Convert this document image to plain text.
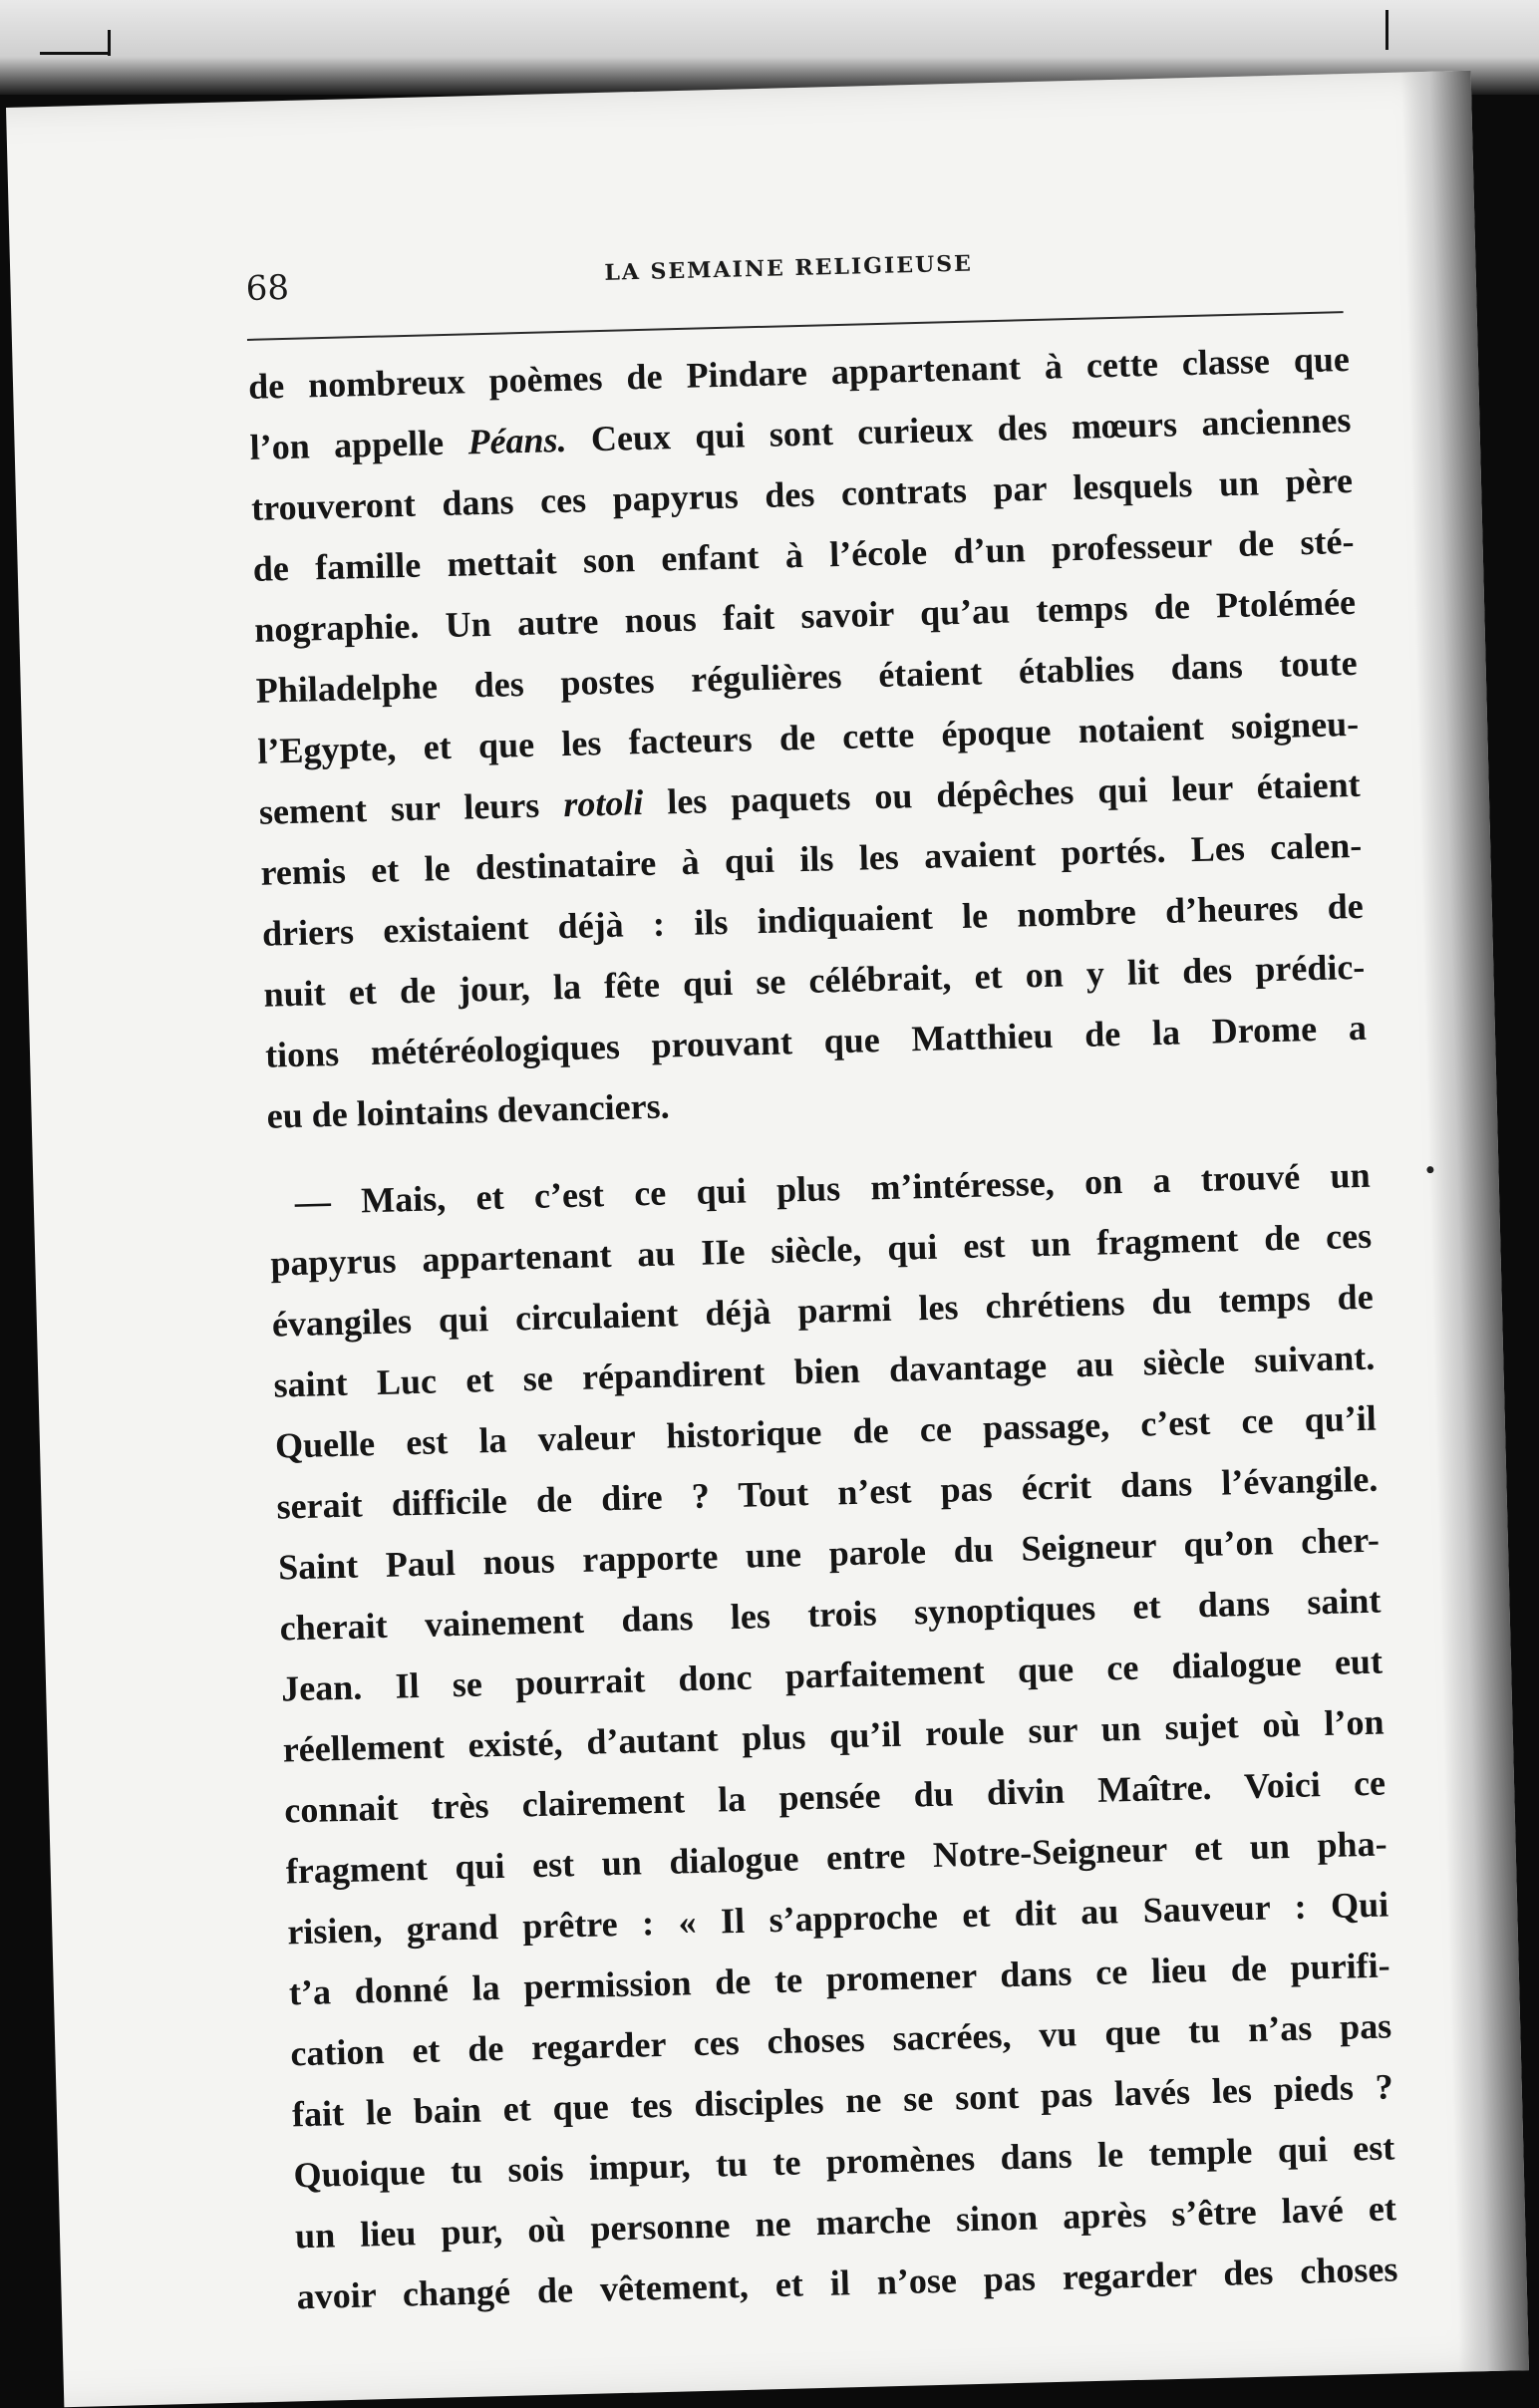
68	LA SEMAINE RELIGIEUSE
de nombreux poèmes de Pindare appartenant à cette classe que
l’on appelle Péans. Ceux qui sont curieux des mœurs anciennes
trouveront dans ces papyrus des contrats par lesquels un père
de famille mettait son enfant à l’école d’un professeur de sté-
nographie. Un autre nous fait savoir qu’au temps de Ptolémée
Philadelphe des postes régulières étaient établies dans toute
l’Egypte, et que les facteurs de cette époque notaient soigneu-
sement sur leurs rotoli les paquets ou dépêches qui leur étaient
remis et le destinataire à qui ils les avaient portés. Les calen-
driers existaient déjà : ils indiquaient le nombre d’heures de
nuit et de jour, la fête qui se célébrait, et on y lit des prédic-
tions météréologiques prouvant que Matthieu de la Drome a
eu de lointains devanciers.
— Mais, et c’est ce qui plus m’intéresse, on a trouvé un
papyrus appartenant au IIe siècle, qui est un fragment de ces
évangiles qui circulaient déjà parmi les chrétiens du temps de
saint Luc et se répandirent bien davantage au siècle suivant.
Quelle est la valeur historique de ce passage, c’est ce qu’il
serait difficile de dire ? Tout n’est pas écrit dans l’évangile.
Saint Paul nous rapporte une parole du Seigneur qu’on cher-
cherait vainement dans les trois synoptiques et dans saint
Jean. Il se pourrait donc parfaitement que ce dialogue eut
réellement existé, d’autant plus qu’il roule sur un sujet où l’on
connait très clairement la pensée du divin Maître. Voici ce
fragment qui est un dialogue entre Notre-Seigneur et un pha-
risien, grand prêtre : « Il s’approche et dit au Sauveur : Qui
t’a donné la permission de te promener dans ce lieu de purifi-
cation et de regarder ces choses sacrées, vu que tu n’as pas
fait le bain et que tes disciples ne se sont pas lavés les pieds ?
Quoique tu sois impur, tu te promènes dans le temple qui est
un lieu pur, où personne ne marche sinon après s’être lavé et
avoir changé de vêtement, et il n’ose pas regarder des choses
